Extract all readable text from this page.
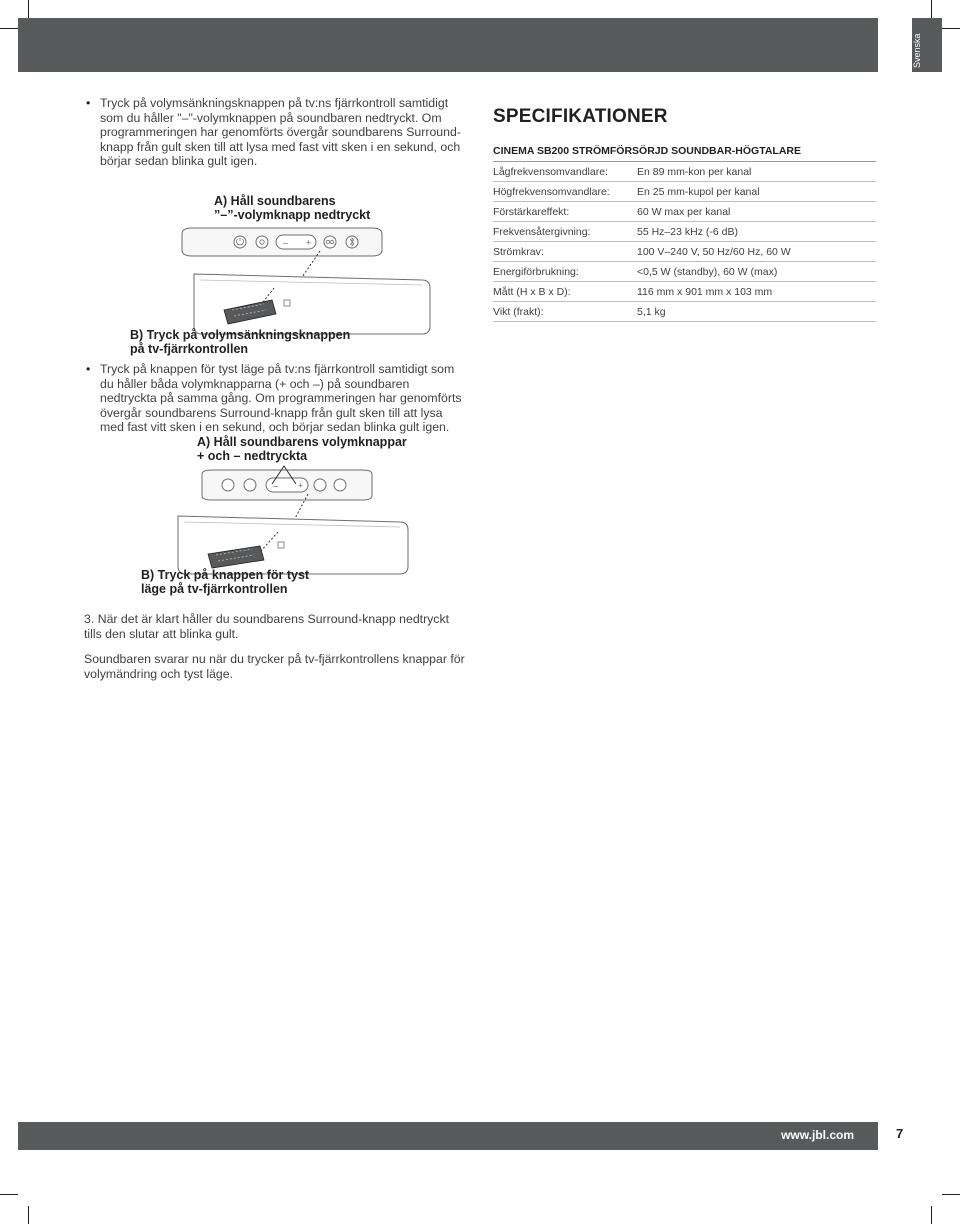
Svenska

• Tryck på volymsänkningsknappen på tv:ns fjärrkontroll samtidigt som du håller "–"-volymknappen på soundbaren nedtryckt. Om programmeringen har genomförts övergår soundbarens Surround-knapp från gult sken till att lysa med fast vitt sken i en sekund, och börjar sedan blinka gult igen.

A) Håll soundbarens
”–”-volymknapp nedtryckt
– +
B) Tryck på volymsänkningsknappen
på tv-fjärrkontrollen

• Tryck på knappen för tyst läge på tv:ns fjärrkontroll samtidigt som du håller båda volymknapparna (+ och –) på soundbaren nedtryckta på samma gång. Om programmeringen har genomförts övergår soundbarens Surround-knapp från gult sken till att lysa med fast vitt sken i en sekund, och börjar sedan blinka gult igen.

A) Håll soundbarens volymknappar
+ och – nedtryckta
– +
B) Tryck på knappen för tyst
läge på tv-fjärrkontrollen
3. När det är klart håller du soundbarens Surround-knapp nedtryckt tills den slutar att blinka gult.
Soundbaren svarar nu när du trycker på tv-fjärrkontrollens knappar för volymändring och tyst läge.
SPECIFIKATIONER
CINEMA SB200 STRÖMFÖRSÖRJD SOUNDBAR-HÖGTALARE
Lågfrekvensomvandlare:	En 89 mm-kon per kanal
Högfrekvensomvandlare:	En 25 mm-kupol per kanal
Förstärkareffekt:	60 W max per kanal
Frekvensåtergivning:	55 Hz–23 kHz (-6 dB)
Strömkrav:	100 V–240 V, 50 Hz/60 Hz, 60 W
Energiförbrukning:	<0,5 W (standby), 60 W (max)
Mått (H x B x D):	116 mm x 901 mm x 103 mm
Vikt (frakt):	5,1 kg
www.jbl.com	7
